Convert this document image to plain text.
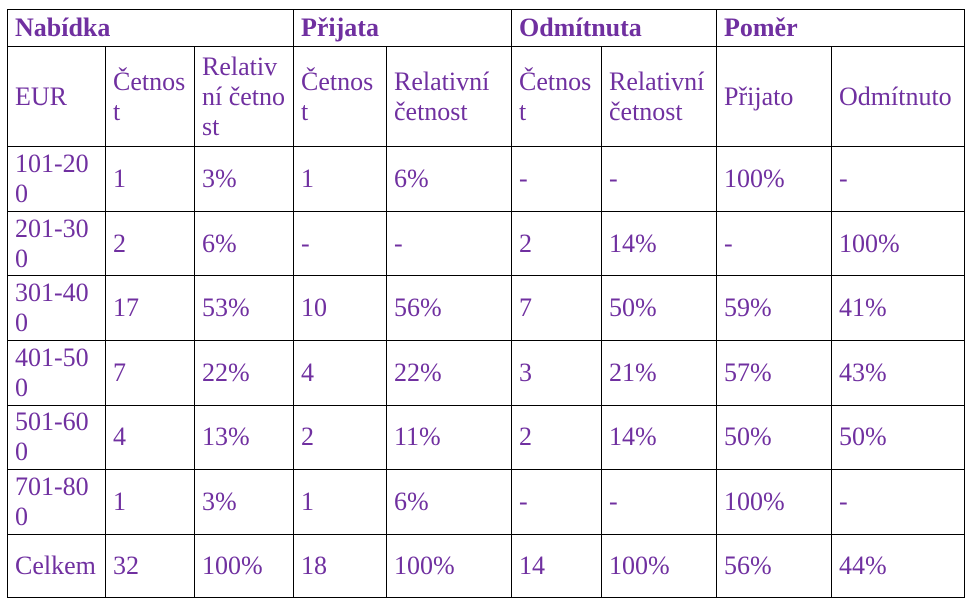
Nabídka			Přijata		Odmítnuta		Poměr	
EUR	Četnost	Relativní četnost	Četnost	Relativní četnost	Četnost	Relativní četnost	Přijato	Odmítnuto
101-200	1	3%	1	6%	-	-	100%	-
201-300	2	6%	-	-	2	14%	-	100%
301-400	17	53%	10	56%	7	50%	59%	41%
401-500	7	22%	4	22%	3	21%	57%	43%
501-600	4	13%	2	11%	2	14%	50%	50%
701-800	1	3%	1	6%	-	-	100%	-
Celkem	32	100%	18	100%	14	100%	56%	44%
